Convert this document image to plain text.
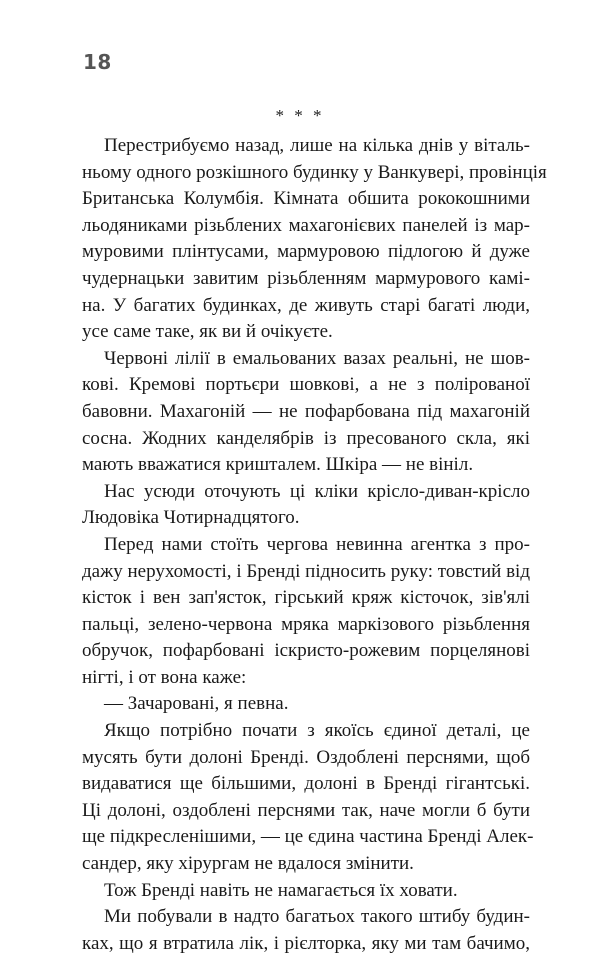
18
* * *
Перестрибуємо назад, лише на кілька днів у віталь-
ньому одного розкішного будинку у Ванкувері, провінція
Британська Колумбія. Кімната обшита рококошними
льодяниками різьблених махагонієвих панелей із мар-
муровими плінтусами, мармуровою підлогою й дуже
чудернацьки завитим різьбленням мармурового камі-
на. У багатих будинках, де живуть старі багаті люди,
усе саме таке, як ви й очікуєте.
Червоні лілії в емальованих вазах реальні, не шов-
кові. Кремові портьєри шовкові, а не з полірованої
бавовни. Махагоній — не пофарбована під махагоній
сосна. Жодних канделябрів із пресованого скла, які
мають вважатися кришталем. Шкіра — не вініл.
Нас усюди оточують ці кліки крісло-диван-крісло
Людовіка Чотирнадцятого.
Перед нами стоїть чергова невинна агентка з про-
дажу нерухомості, і Бренді підносить руку: товстий від
кісток і вен зап'ясток, гірський кряж кісточок, зів'ялі
пальці, зелено-червона мряка маркізового різьблення
обручок, пофарбовані іскристо-рожевим порцеляновi
нігті, і от вона каже:
— Зачаровані, я певна.
Якщо потрібно почати з якоїсь єдиної деталі, це
мусять бути долоні Бренді. Оздоблені перснями, щоб
видаватися ще більшими, долоні в Бренді гігантські.
Ці долоні, оздоблені перснями так, наче могли б бути
ще підкресленішими, — це єдина частина Бренді Алек-
сандер, яку хірургам не вдалося змінити.
Тож Бренді навіть не намагається їх ховати.
Ми побували в надто багатьох такого штибу будин-
ках, що я втратила лік, і рієлторка, яку ми там бачимо,
